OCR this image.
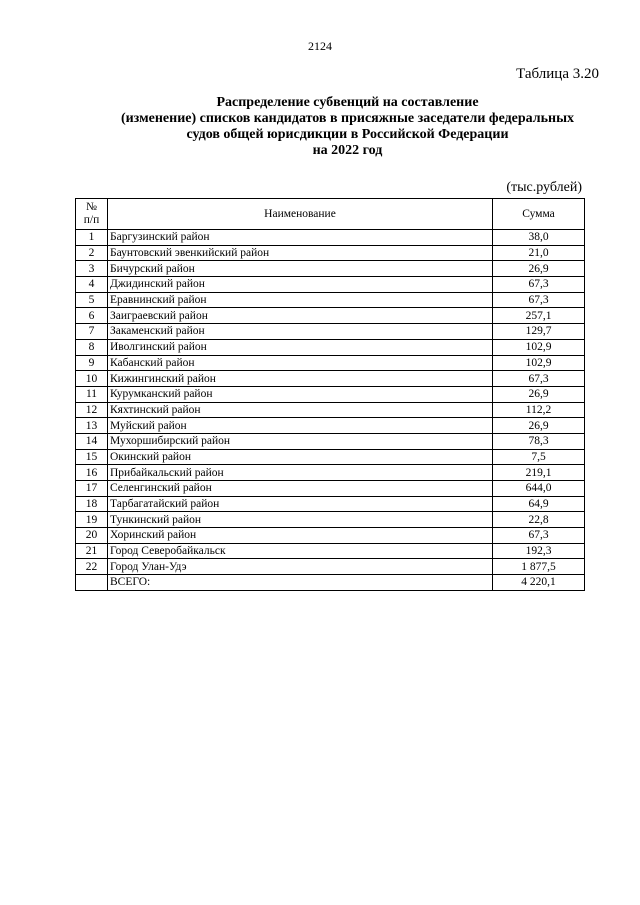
2124
Таблица 3.20
Распределение субвенций на составление
(изменение) списков кандидатов в присяжные заседатели федеральных
судов общей юрисдикции в Российской Федерации
на 2022 год
(тыс.рублей)
№
п/п	Наименование	Сумма
1	Баргузинский район	38,0
2	Баунтовский эвенкийский район	21,0
3	Бичурский район	26,9
4	Джидинский район	67,3
5	Еравнинский район	67,3
6	Заиграевский район	257,1
7	Закаменский район	129,7
8	Иволгинский район	102,9
9	Кабанский район	102,9
10	Кижингинский район	67,3
11	Курумканский район	26,9
12	Кяхтинский район	112,2
13	Муйский район	26,9
14	Мухоршибирский район	78,3
15	Окинский район	7,5
16	Прибайкальский район	219,1
17	Селенгинский район	644,0
18	Тарбагатайский район	64,9
19	Тункинский район	22,8
20	Хоринский район	67,3
21	Город Северобайкальск	192,3
22	Город Улан-Удэ	1 877,5
	ВСЕГО:	4 220,1
